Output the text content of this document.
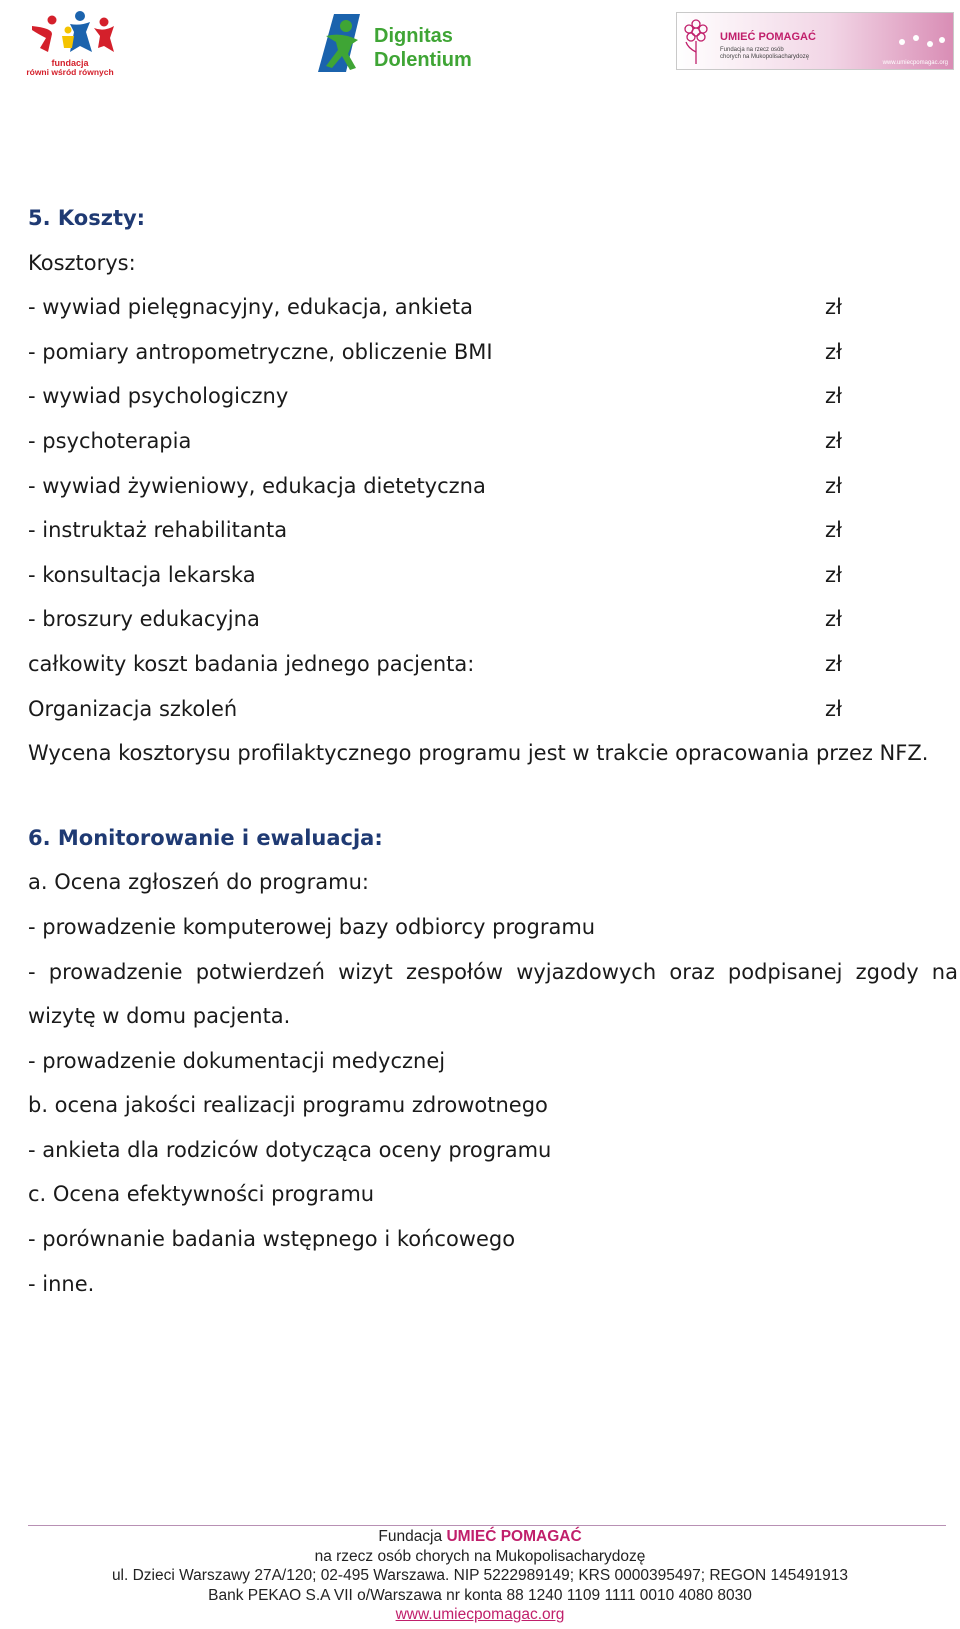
fundacja
równi wśród równych
Dignitas
Dolentium
UMIEĆ POMAGAĆ
Fundacja na rzecz osób
chorych na Mukopolisacharydozę
www.umiecpomagac.org
5. Koszty:
Kosztorys:
- wywiad pielęgnacyjny, edukacja, ankieta	zł
- pomiary antropometryczne, obliczenie BMI	zł
- wywiad psychologiczny	zł
- psychoterapia	zł
- wywiad żywieniowy, edukacja dietetyczna	zł
- instruktaż rehabilitanta	zł
- konsultacja lekarska	zł
- broszury edukacyjna	zł
całkowity koszt badania jednego pacjenta:	zł
Organizacja szkoleń	zł
Wycena kosztorysu profilaktycznego programu jest w trakcie opracowania przez NFZ.
6. Monitorowanie i ewaluacja:
a. Ocena zgłoszeń do programu:
- prowadzenie komputerowej bazy odbiorcy programu
- prowadzenie potwierdzeń wizyt zespołów wyjazdowych oraz podpisanej zgody na
wizytę w domu pacjenta.
- prowadzenie dokumentacji medycznej
b. ocena jakości realizacji programu zdrowotnego
- ankieta dla rodziców dotycząca oceny programu
c. Ocena efektywności programu
- porównanie badania wstępnego i końcowego
- inne.
Fundacja UMIEĆ POMAGAĆ
na rzecz osób chorych na Mukopolisacharydozę
ul. Dzieci Warszawy 27A/120; 02-495 Warszawa. NIP 5222989149; KRS 0000395497; REGON 145491913
Bank PEKAO S.A VII o/Warszawa nr konta 88 1240 1109 1111 0010 4080 8030
www.umiecpomagac.org
